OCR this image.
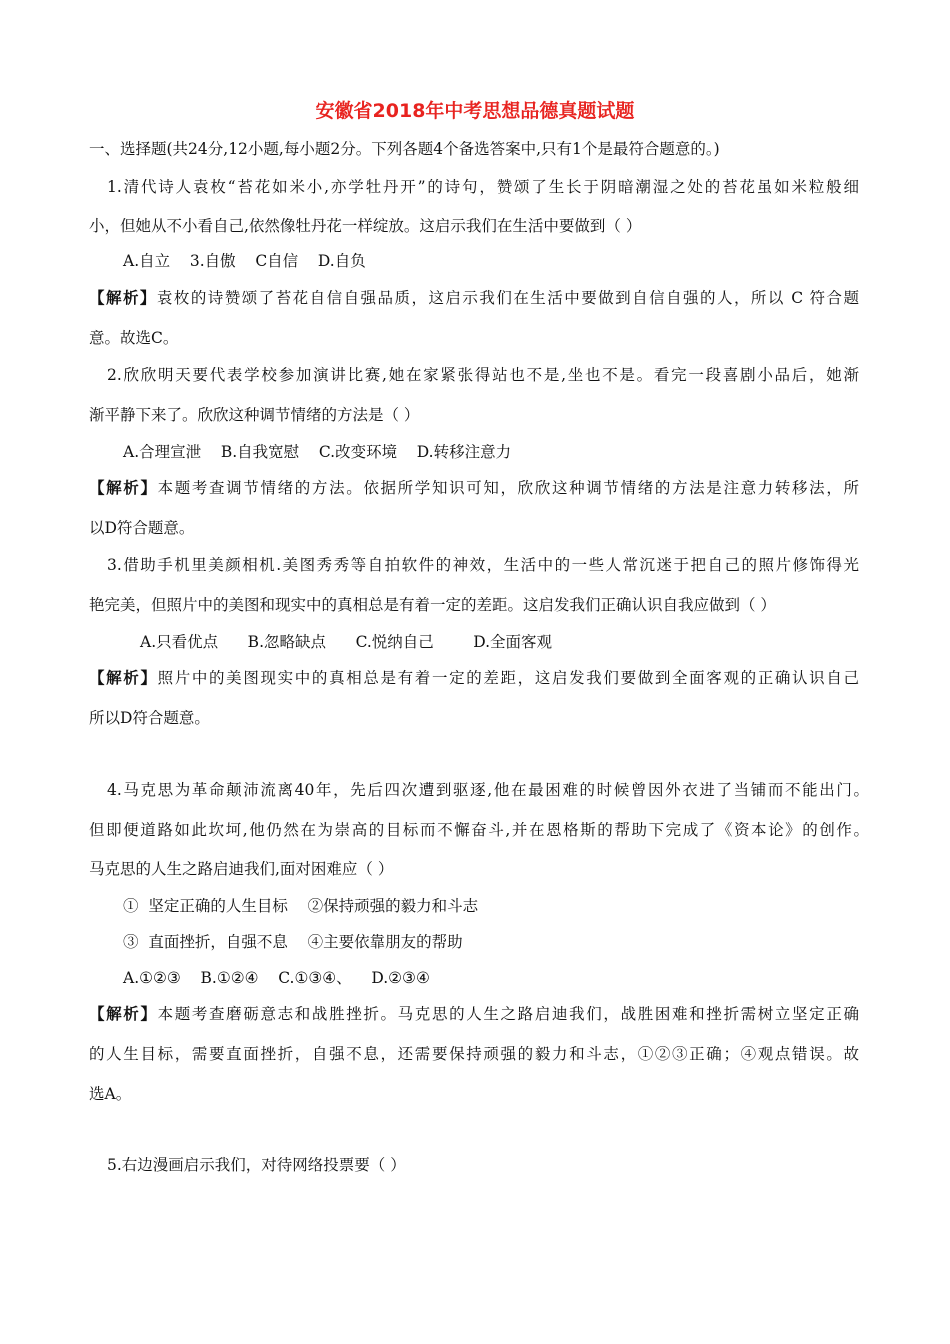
安徽省2018年中考思想品德真题试题
一、选择题(共24分,12小题,每小题2分。下列各题4个备选答案中,只有1个是最符合题意的。)
1.清代诗人袁枚“苔花如米小,亦学牡丹开”的诗句，赞颂了生长于阴暗潮湿之处的苔花虽如米粒般细
小，但她从不小看自己,依然像牡丹花一样绽放。这启示我们在生活中要做到（ ）
A.自立    3.自傲    C自信    D.自负
【解析】袁枚的诗赞颂了苔花自信自强品质，这启示我们在生活中要做到自信自强的人，所以 C 符合题
意。故选C。
2.欣欣明天要代表学校参加演讲比赛,她在家紧张得站也不是,坐也不是。看完一段喜剧小品后，她渐
渐平静下来了。欣欣这种调节情绪的方法是（ ）
A.合理宣泄    B.自我宽慰    C.改变环境    D.转移注意力
【解析】本题考查调节情绪的方法。依据所学知识可知，欣欣这种调节情绪的方法是注意力转移法，所
以D符合题意。
3.借助手机里美颜相机.美图秀秀等自拍软件的神效，生活中的一些人常沉迷于把自己的照片修饰得光
艳完美，但照片中的美图和现实中的真相总是有着一定的差距。这启发我们正确认识自我应做到（ ）
A.只看优点      B.忽略缺点      C.悦纳自己        D.全面客观
【解析】照片中的美图现实中的真相总是有着一定的差距，这启发我们要做到全面客观的正确认识自己
所以D符合题意。
4.马克思为革命颠沛流离40年，先后四次遭到驱逐,他在最困难的时候曾因外衣进了当铺而不能出门。
但即便道路如此坎坷,他仍然在为崇高的目标而不懈奋斗,并在恩格斯的帮助下完成了《资本论》的创作。
马克思的人生之路启迪我们,面对困难应（ ）
①  坚定正确的人生目标    ②保持顽强的毅力和斗志
③  直面挫折，自强不息    ④主要依靠朋友的帮助
A.①②③    B.①②④    C.①③④、    D.②③④
【解析】本题考查磨砺意志和战胜挫折。马克思的人生之路启迪我们，战胜困难和挫折需树立坚定正确
的人生目标，需要直面挫折，自强不息，还需要保持顽强的毅力和斗志，①②③正确；④观点错误。故
选A。
5.右边漫画启示我们，对待网络投票要（ ）
